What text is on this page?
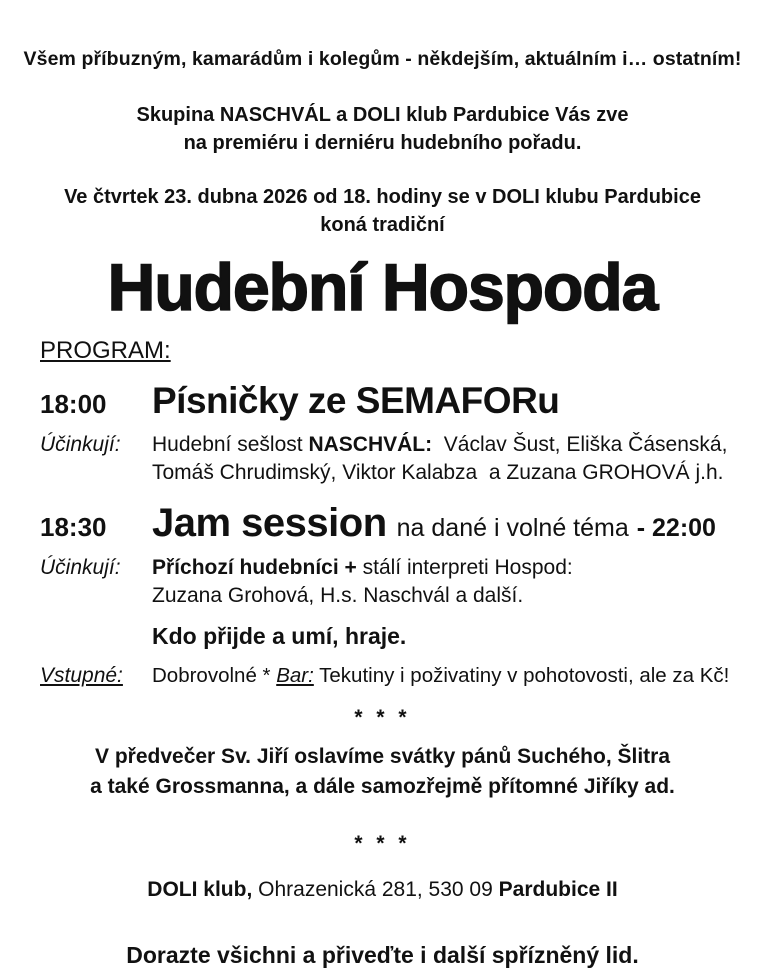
Všem příbuzným, kamarádům i kolegům - někdejším, aktuálním i… ostatním!
Skupina NASCHVÁL a DOLI klub Pardubice Vás zve
na premiéru i derniéru hudebního pořadu.
Ve čtvrtek 23. dubna 2026 od 18. hodiny se v DOLI klubu Pardubice
koná tradiční
Hudební Hospoda
PROGRAM:
18:00	Písničky ze SEMAFORu
Účinkují:	Hudební sešlost NASCHVÁL:  Václav Šust, Eliška Čásenská,
Tomáš Chrudimský, Viktor Kalabza  a Zuzana GROHOVÁ j.h.
18:30	Jam session na dané i volné téma - 22:00
Účinkují:	Příchozí hudebníci + stálí interpreti Hospod:
Zuzana Grohová, H.s. Naschvál a další.
Kdo přijde a umí, hraje.
Vstupné:	Dobrovolné * Bar: Tekutiny i poživatiny v pohotovosti, ale za Kč!
* * *
V předvečer Sv. Jiří oslavíme svátky pánů Suchého, Šlitra
a také Grossmanna, a dále samozřejmě přítomné Jiříky ad.
* * *
DOLI klub, Ohrazenická 281, 530 09 Pardubice II
Dorazte všichni a přiveďte i další spřízněný lid.
